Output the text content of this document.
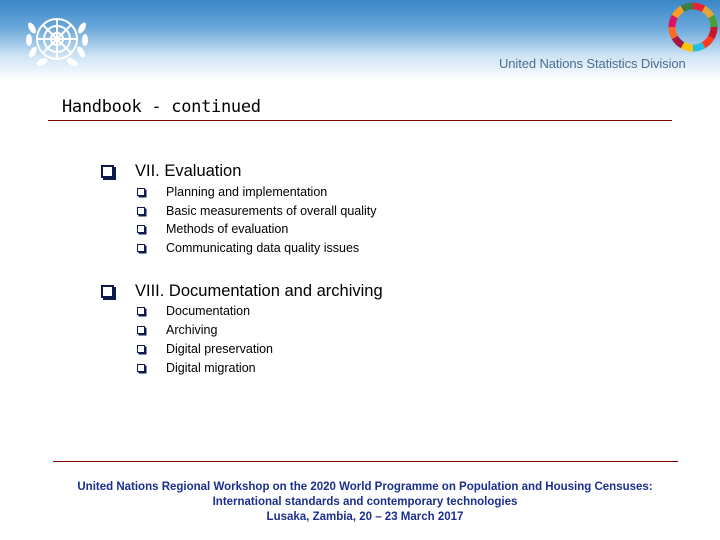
United Nations Statistics Division
Handbook - continued
VII. Evaluation
Planning and implementation
Basic measurements of overall quality
Methods of evaluation
Communicating data quality issues
VIII. Documentation and archiving
Documentation
Archiving
Digital preservation
Digital migration
United Nations Regional Workshop on the 2020 World Programme on Population and Housing Censuses:
International standards and contemporary technologies
Lusaka, Zambia, 20 – 23 March 2017
